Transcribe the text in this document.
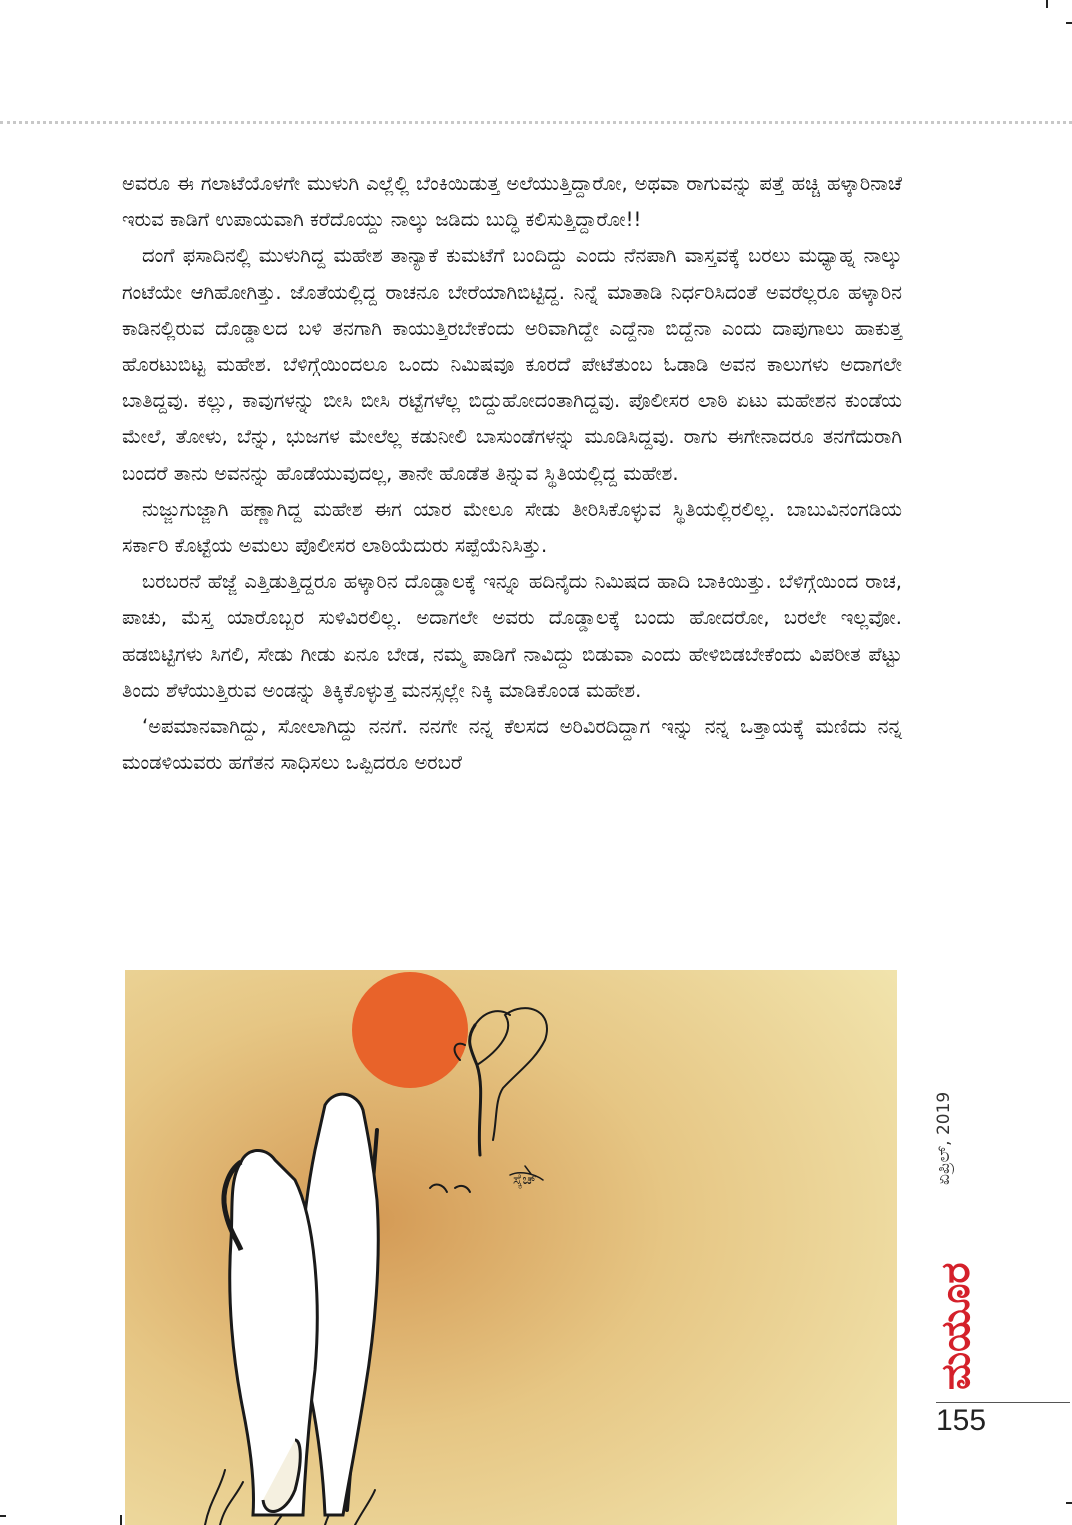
ಅವರೂ ಈ ಗಲಾಟೆಯೊಳಗೇ ಮುಳುಗಿ ಎಲ್ಲೆಲ್ಲಿ ಬೆಂಕಿಯಿಡುತ್ತ ಅಲೆಯುತ್ತಿದ್ದಾರೋ, ಅಥವಾ ರಾಗುವನ್ನು ಪತ್ತೆ ಹಚ್ಚಿ ಹಳ್ಕಾರಿನಾಚೆ ಇರುವ ಕಾಡಿಗೆ ಉಪಾಯವಾಗಿ ಕರೆದೊಯ್ದು ನಾಲ್ಕು ಜಡಿದು ಬುದ್ಧಿ ಕಲಿಸುತ್ತಿದ್ದಾರೋ!!

ದಂಗೆ ಫಸಾದಿನಲ್ಲಿ ಮುಳುಗಿದ್ದ ಮಹೇಶ ತಾನ್ಯಾಕೆ ಕುಮಟೆಗೆ ಬಂದಿದ್ದು ಎಂದು ನೆನಪಾಗಿ ವಾಸ್ತವಕ್ಕೆ ಬರಲು ಮಧ್ಯಾಹ್ನ ನಾಲ್ಕು ಗಂಟೆಯೇ ಆಗಿಹೋಗಿತ್ತು. ಜೊತೆಯಲ್ಲಿದ್ದ ರಾಚನೂ ಬೇರೆಯಾಗಿಬಿಟ್ಟಿದ್ದ. ನಿನ್ನೆ ಮಾತಾಡಿ ನಿರ್ಧರಿಸಿದಂತೆ ಅವರೆಲ್ಲರೂ ಹಳ್ಕಾರಿನ ಕಾಡಿನಲ್ಲಿರುವ ದೊಡ್ಡಾಲದ ಬಳಿ ತನಗಾಗಿ ಕಾಯುತ್ತಿರಬೇಕೆಂದು ಅರಿವಾಗಿದ್ದೇ ಎದ್ದೆನಾ ಬಿದ್ದೆನಾ ಎಂದು ದಾಪುಗಾಲು ಹಾಕುತ್ತ ಹೊರಟುಬಿಟ್ಟ ಮಹೇಶ. ಬೆಳಿಗ್ಗೆಯಿಂದಲೂ ಒಂದು ನಿಮಿಷವೂ ಕೂರದೆ ಪೇಟೆತುಂಬ ಓಡಾಡಿ ಅವನ ಕಾಲುಗಳು ಅದಾಗಲೇ ಬಾತಿದ್ದವು. ಕಲ್ಲು, ಕಾವುಗಳನ್ನು ಬೀಸಿ ಬೀಸಿ ರಟ್ಟೆಗಳೆಲ್ಲ ಬಿದ್ದುಹೋದಂತಾಗಿದ್ದವು. ಪೊಲೀಸರ ಲಾಠಿ ಏಟು ಮಹೇಶನ ಕುಂಡೆಯ ಮೇಲೆ, ತೋಳು, ಬೆನ್ನು, ಭುಜಗಳ ಮೇಲೆಲ್ಲ ಕಡುನೀಲಿ ಬಾಸುಂಡೆಗಳನ್ನು ಮೂಡಿಸಿದ್ದವು. ರಾಗು ಈಗೇನಾದರೂ ತನಗೆದುರಾಗಿ ಬಂದರೆ ತಾನು ಅವನನ್ನು ಹೊಡೆಯುವುದಲ್ಲ, ತಾನೇ ಹೊಡೆತ ತಿನ್ನುವ ಸ್ಥಿತಿಯಲ್ಲಿದ್ದ ಮಹೇಶ.

ನುಜ್ಜುಗುಜ್ಜಾಗಿ ಹಣ್ಣಾಗಿದ್ದ ಮಹೇಶ ಈಗ ಯಾರ ಮೇಲೂ ಸೇಡು ತೀರಿಸಿಕೊಳ್ಳುವ ಸ್ಥಿತಿಯಲ್ಲಿರಲಿಲ್ಲ. ಬಾಬುವಿನಂಗಡಿಯ ಸರ್ಕಾರಿ ಕೊಟ್ಟೆಯ ಅಮಲು ಪೊಲೀಸರ ಲಾಠಿಯೆದುರು ಸಪ್ಪೆಯೆನಿಸಿತ್ತು.

ಬರಬರನೆ ಹೆಜ್ಜೆ ಎತ್ತಿಡುತ್ತಿದ್ದರೂ ಹಳ್ಕಾರಿನ ದೊಡ್ಡಾಲಕ್ಕೆ ಇನ್ನೂ ಹದಿನೈದು ನಿಮಿಷದ ಹಾದಿ ಬಾಕಿಯಿತ್ತು. ಬೆಳಿಗ್ಗೆಯಿಂದ ರಾಚ, ಪಾಚು, ಮೆಸ್ತ ಯಾರೊಬ್ಬರ ಸುಳಿವಿರಲಿಲ್ಲ. ಅದಾಗಲೇ ಅವರು ದೊಡ್ಡಾಲಕ್ಕೆ ಬಂದು ಹೋದರೋ, ಬರಲೇ ಇಲ್ಲವೋ. ಹಡಬಿಟ್ಟಿಗಳು ಸಿಗಲಿ, ಸೇಡು ಗೀಡು ಏನೂ ಬೇಡ, ನಮ್ಮ ಪಾಡಿಗೆ ನಾವಿದ್ದು ಬಿಡುವಾ ಎಂದು ಹೇಳಿಬಿಡಬೇಕೆಂದು ವಿಪರೀತ ಪೆಟ್ಟು ತಿಂದು ಶೆಳೆಯುತ್ತಿರುವ ಅಂಡನ್ನು ತಿಕ್ಕಿಕೊಳ್ಳುತ್ತ ಮನಸ್ಸಲ್ಲೇ ನಿಕ್ಕಿ ಮಾಡಿಕೊಂಡ ಮಹೇಶ.

‘ಅಪಮಾನವಾಗಿದ್ದು, ಸೋಲಾಗಿದ್ದು ನನಗೆ. ನನಗೇ ನನ್ನ ಕೆಲಸದ ಅರಿವಿರದಿದ್ದಾಗ ಇನ್ನು ನನ್ನ ಒತ್ತಾಯಕ್ಕೆ ಮಣಿದು ನನ್ನ ಮಂಡಳಿಯವರು ಹಗೆತನ ಸಾಧಿಸಲು ಒಪ್ಪಿದರೂ ಅರಬರೆ

ಸ್ಕೆಚ್	ಏಪ್ರಿಲ್, 2019
ಮಯೂರ
155
